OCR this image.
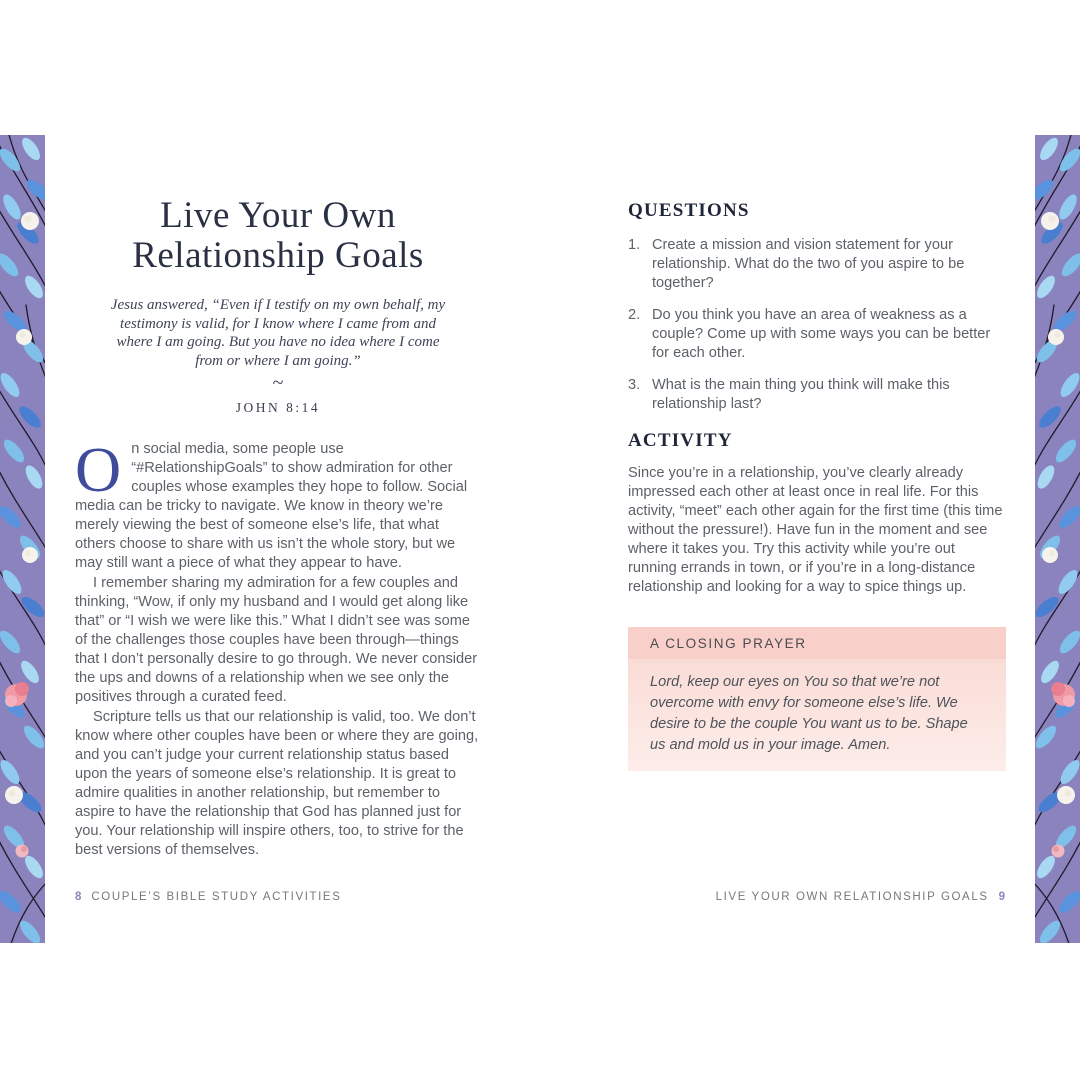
Live Your Own
Relationship Goals
Jesus answered, “Even if I testify on my own behalf, my testimony is valid, for I know where I came from and where I am going. But you have no idea where I come from or where I am going.”
~
JOHN 8:14

On social media, some people use “#RelationshipGoals” to show admiration for other couples whose examples they hope to follow. Social media can be tricky to navigate. We know in theory we’re merely viewing the best of someone else’s life, that what others choose to share with us isn’t the whole story, but we may still want a piece of what they appear to have.

I remember sharing my admiration for a few couples and thinking, “Wow, if only my husband and I would get along like that” or “I wish we were like this.” What I didn’t see was some of the challenges those couples have been through—things that I don’t personally desire to go through. We never consider the ups and downs of a relationship when we see only the positives through a curated feed.

Scripture tells us that our relationship is valid, too. We don’t know where other couples have been or where they are going, and you can’t judge your current relationship status based upon the years of someone else’s relationship. It is great to admire qualities in another relationship, but remember to aspire to have the relationship that God has planned just for you. Your relationship will inspire others, too, to strive for the best versions of themselves.

QUESTIONS
1. Create a mission and vision statement for your relationship. What do the two of you aspire to be together?
2. Do you think you have an area of weakness as a couple? Come up with some ways you can be better for each other.
3. What is the main thing you think will make this relationship last?
ACTIVITY
Since you’re in a relationship, you’ve clearly already impressed each other at least once in real life. For this activity, “meet” each other again for the first time (this time without the pressure!). Have fun in the moment and see where it takes you. Try this activity while you’re out running errands in town, or if you’re in a long-distance relationship and looking for a way to spice things up.
A CLOSING PRAYER
Lord, keep our eyes on You so that we’re not overcome with envy for someone else’s life. We desire to be the couple You want us to be. Shape us and mold us in your image. Amen.
8 COUPLE’S BIBLE STUDY ACTIVITIES	LIVE YOUR OWN RELATIONSHIP GOALS 9
